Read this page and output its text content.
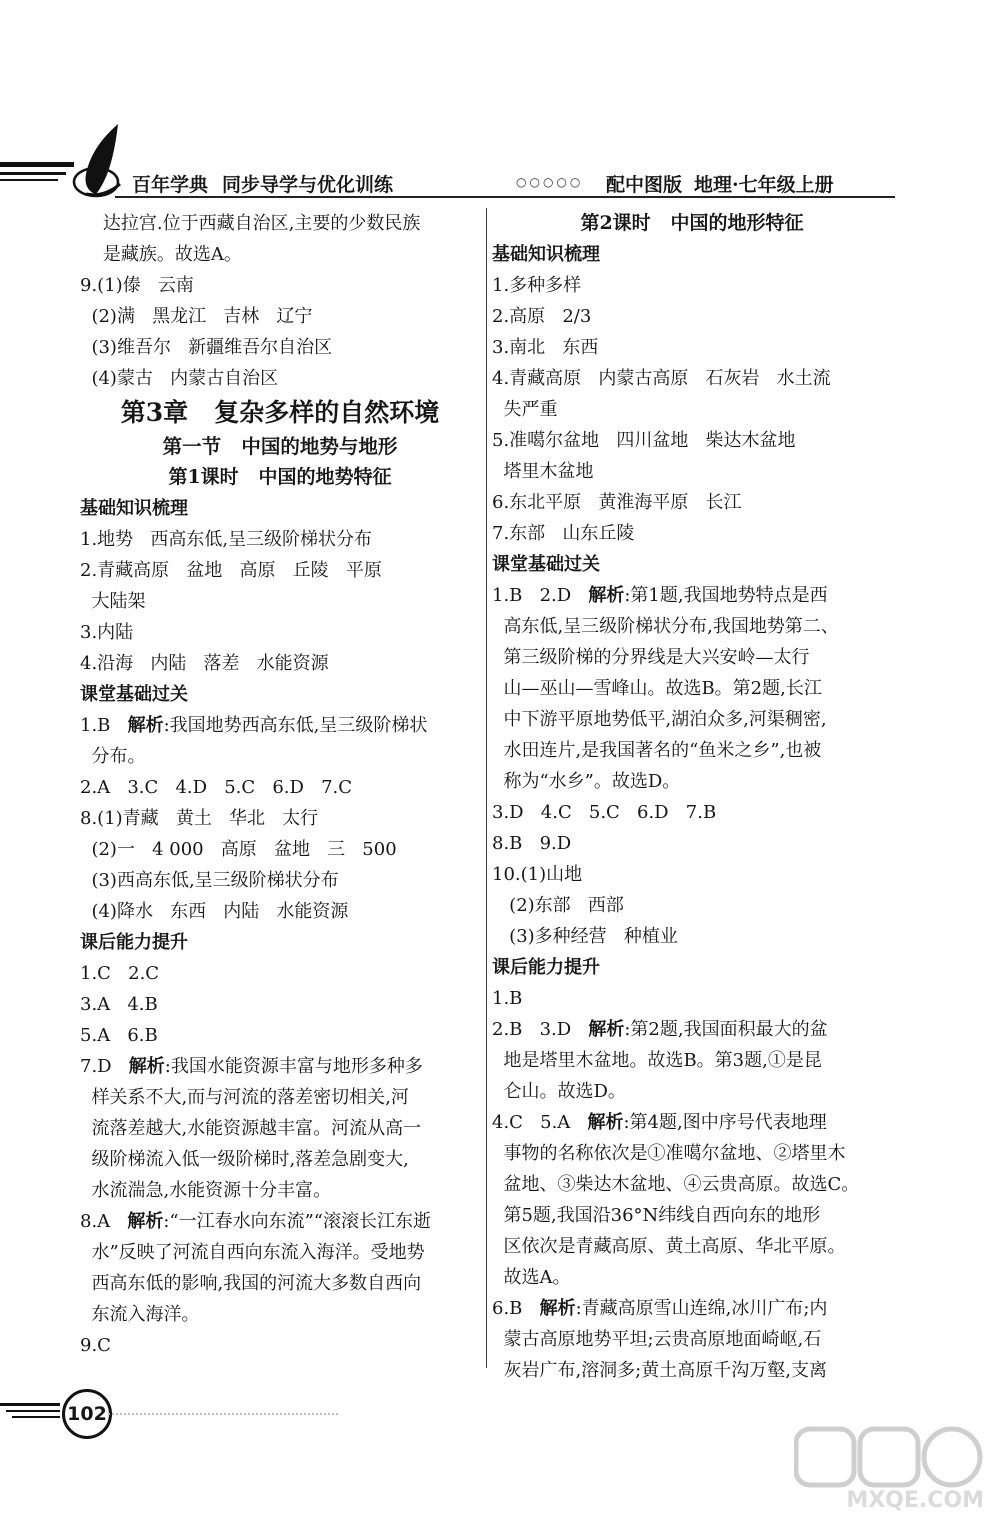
百年学典 同步导学与优化训练	○○○○○ 配中图版 地理·七年级上册
达拉宫.位于西藏自治区,主要的少数民族
是藏族。故选A。
9.(1)傣   云南
(2)满   黑龙江   吉林   辽宁
(3)维吾尔   新疆维吾尔自治区
(4)蒙古   内蒙古自治区
第3章   复杂多样的自然环境
第一节   中国的地势与地形
第1课时   中国的地势特征
基础知识梳理
1.地势   西高东低,呈三级阶梯状分布
2.青藏高原   盆地   高原   丘陵   平原
大陆架
3.内陆
4.沿海   内陆   落差   水能资源
课堂基础过关
1.B   解析:我国地势西高东低,呈三级阶梯状
分布。
2.A   3.C   4.D   5.C   6.D   7.C
8.(1)青藏   黄土   华北   太行
(2)一   4 000   高原   盆地   三   500
(3)西高东低,呈三级阶梯状分布
(4)降水   东西   内陆   水能资源
课后能力提升
1.C   2.C
3.A   4.B
5.A   6.B
7.D   解析:我国水能资源丰富与地形多种多
样关系不大,而与河流的落差密切相关,河
流落差越大,水能资源越丰富。河流从高一
级阶梯流入低一级阶梯时,落差急剧变大,
水流湍急,水能资源十分丰富。
8.A   解析:“一江春水向东流”“滚滚长江东逝
水”反映了河流自西向东流入海洋。受地势
西高东低的影响,我国的河流大多数自西向
东流入海洋。
9.C
第2课时   中国的地形特征
基础知识梳理
1.多种多样
2.高原   2/3
3.南北   东西
4.青藏高原   内蒙古高原   石灰岩   水土流
失严重
5.准噶尔盆地   四川盆地   柴达木盆地
塔里木盆地
6.东北平原   黄淮海平原   长江
7.东部   山东丘陵
课堂基础过关
1.B   2.D   解析:第1题,我国地势特点是西
高东低,呈三级阶梯状分布,我国地势第二、
第三级阶梯的分界线是大兴安岭—太行
山—巫山—雪峰山。故选B。第2题,长江
中下游平原地势低平,湖泊众多,河渠稠密,
水田连片,是我国著名的“鱼米之乡”,也被
称为“水乡”。故选D。
3.D   4.C   5.C   6.D   7.B
8.B   9.D
10.(1)山地
(2)东部   西部
(3)多种经营   种植业
课后能力提升
1.B
2.B   3.D   解析:第2题,我国面积最大的盆
地是塔里木盆地。故选B。第3题,①是昆
仑山。故选D。
4.C   5.A   解析:第4题,图中序号代表地理
事物的名称依次是①准噶尔盆地、②塔里木
盆地、③柴达木盆地、④云贵高原。故选C。
第5题,我国沿36°N纬线自西向东的地形
区依次是青藏高原、黄土高原、华北平原。
故选A。
6.B   解析:青藏高原雪山连绵,冰川广布;内
蒙古高原地势平坦;云贵高原地面崎岖,石
灰岩广布,溶洞多;黄土高原千沟万壑,支离
102
MXQE.COM
